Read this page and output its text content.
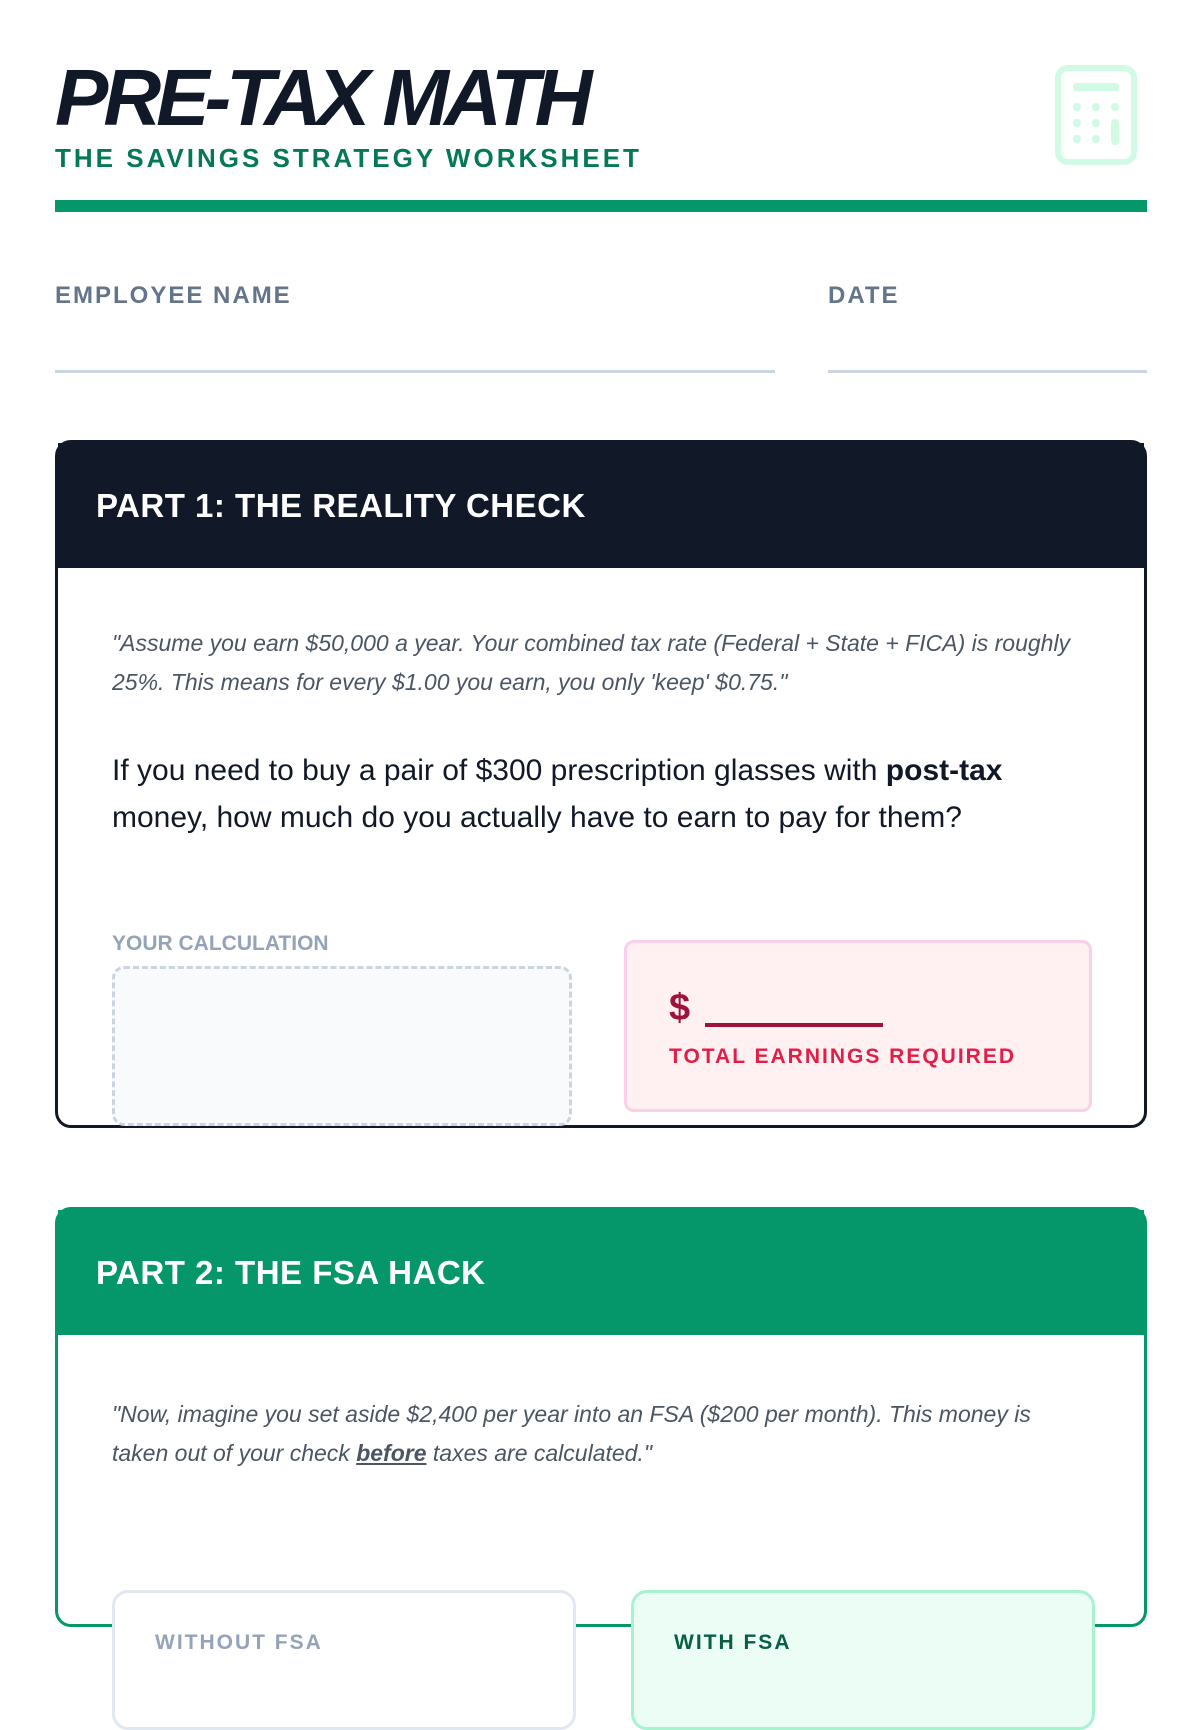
PRE-TAX MATH
THE SAVINGS STRATEGY WORKSHEET
EMPLOYEE NAME	DATE
PART 1: THE REALITY CHECK

"Assume you earn $50,000 a year. Your combined tax rate (Federal + State + FICA) is roughly 25%. This means for every $1.00 you earn, you only 'keep' $0.75."

If you need to buy a pair of $300 prescription glasses with post-tax money, how much do you actually have to earn to pay for them?

YOUR CALCULATION
$
TOTAL EARNINGS REQUIRED
PART 2: THE FSA HACK

"Now, imagine you set aside $2,400 per year into an FSA ($200 per month). This money is taken out of your check before taxes are calculated."

WITHOUT FSA	WITH FSA
